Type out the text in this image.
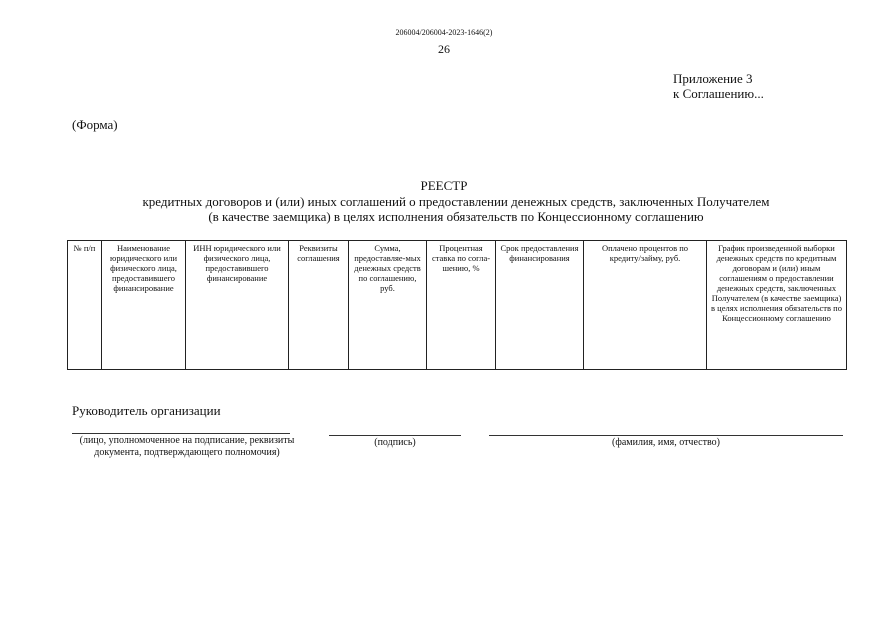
206004/206004-2023-1646(2)
26
Приложение 3
к Соглашению...
(Форма)
РЕЕСТР
кредитных договоров и (или) иных соглашений о предоставлении денежных средств, заключенных Получателем
(в качестве заемщика) в целях исполнения обязательств по Концессионному соглашению
№ п/п	Наименование юридического или физического лица, предоставившего финансирование	ИНН юридического или физического лица, предоставившего финансирование	Реквизиты соглашения	Сумма, предоставляе-мых денежных средств по соглашению, руб.	Процентная ставка по согла-шению, %	Срок предоставления финансирования	Оплачено процентов по кредиту/займу, руб.	График произведенной выборки денежных средств по кредитным договорам и (или) иным соглашениям о предоставлении денежных средств, заключенных Получателем (в качестве заемщика) в целях исполнения обязательств по Концессионному соглашению
Руководитель организации
(лицо, уполномоченное на подписание, реквизиты
документа, подтверждающего полномочия)
(подпись)	(фамилия, имя, отчество)
